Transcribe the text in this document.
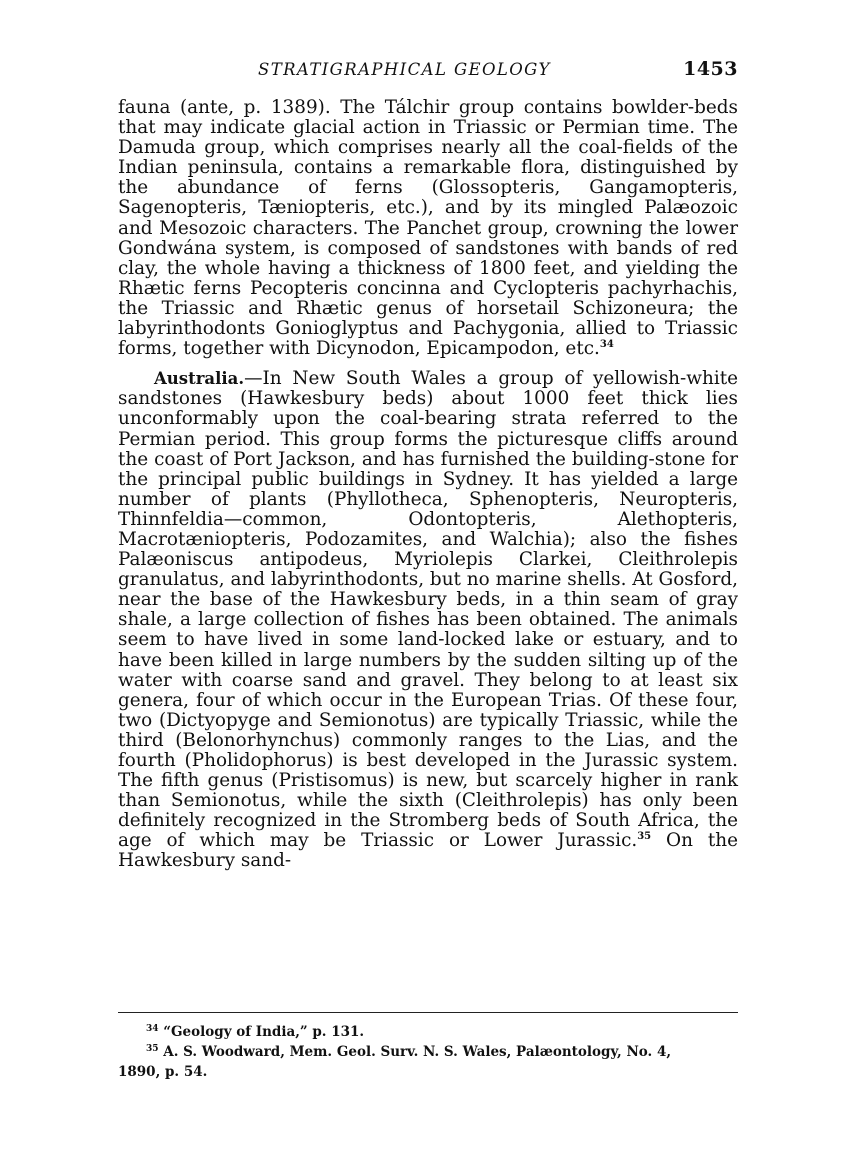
STRATIGRAPHICAL GEOLOGY	1453

fauna (ante, p. 1389). The Tálchir group contains bowlder-beds that may indicate glacial action in Triassic or Permian time. The Damuda group, which comprises nearly all the coal-fields of the Indian peninsula, contains a remarkable flora, distinguished by the abundance of ferns (Glossopteris, Gangamopteris, Sagenopteris, Tæniopteris, etc.), and by its mingled Palæozoic and Mesozoic characters. The Panchet group, crowning the lower Gondwána system, is composed of sandstones with bands of red clay, the whole having a thickness of 1800 feet, and yielding the Rhætic ferns Pecopteris concinna and Cyclopteris pachyrhachis, the Triassic and Rhætic genus of horsetail Schizoneura; the labyrinthodonts Gonioglyptus and Pachygonia, allied to Triassic forms, together with Dicynodon, Epicampodon, etc.$^{34}$

Australia.—In New South Wales a group of yellowish-white sandstones (Hawkesbury beds) about 1000 feet thick lies unconformably upon the coal-bearing strata referred to the Permian period. This group forms the picturesque cliffs around the coast of Port Jackson, and has furnished the building-stone for the principal public buildings in Sydney. It has yielded a large number of plants (Phyllotheca, Sphenopteris, Neuropteris, Thinnfeldia—common, Odontopteris, Alethopteris, Macrotæniopteris, Podozamites, and Walchia); also the fishes Palæoniscus antipodeus, Myriolepis Clarkei, Cleithrolepis granulatus, and labyrinthodonts, but no marine shells. At Gosford, near the base of the Hawkesbury beds, in a thin seam of gray shale, a large collection of fishes has been obtained. The animals seem to have lived in some land-locked lake or estuary, and to have been killed in large numbers by the sudden silting up of the water with coarse sand and gravel. They belong to at least six genera, four of which occur in the European Trias. Of these four, two (Dictyopyge and Semionotus) are typically Triassic, while the third (Belonorhynchus) commonly ranges to the Lias, and the fourth (Pholidophorus) is best developed in the Jurassic system. The fifth genus (Pristisomus) is new, but scarcely higher in rank than Semionotus, while the sixth (Cleithrolepis) has only been definitely recognized in the Stromberg beds of South Africa, the age of which may be Triassic or Lower Jurassic.$^{35}$ On the Hawkesbury sand-

$^{34}$ “Geology of India,” p. 131.

$^{35}$ A. S. Woodward, Mem. Geol. Surv. N. S. Wales, Palæontology, No. 4,

1890, p. 54.
